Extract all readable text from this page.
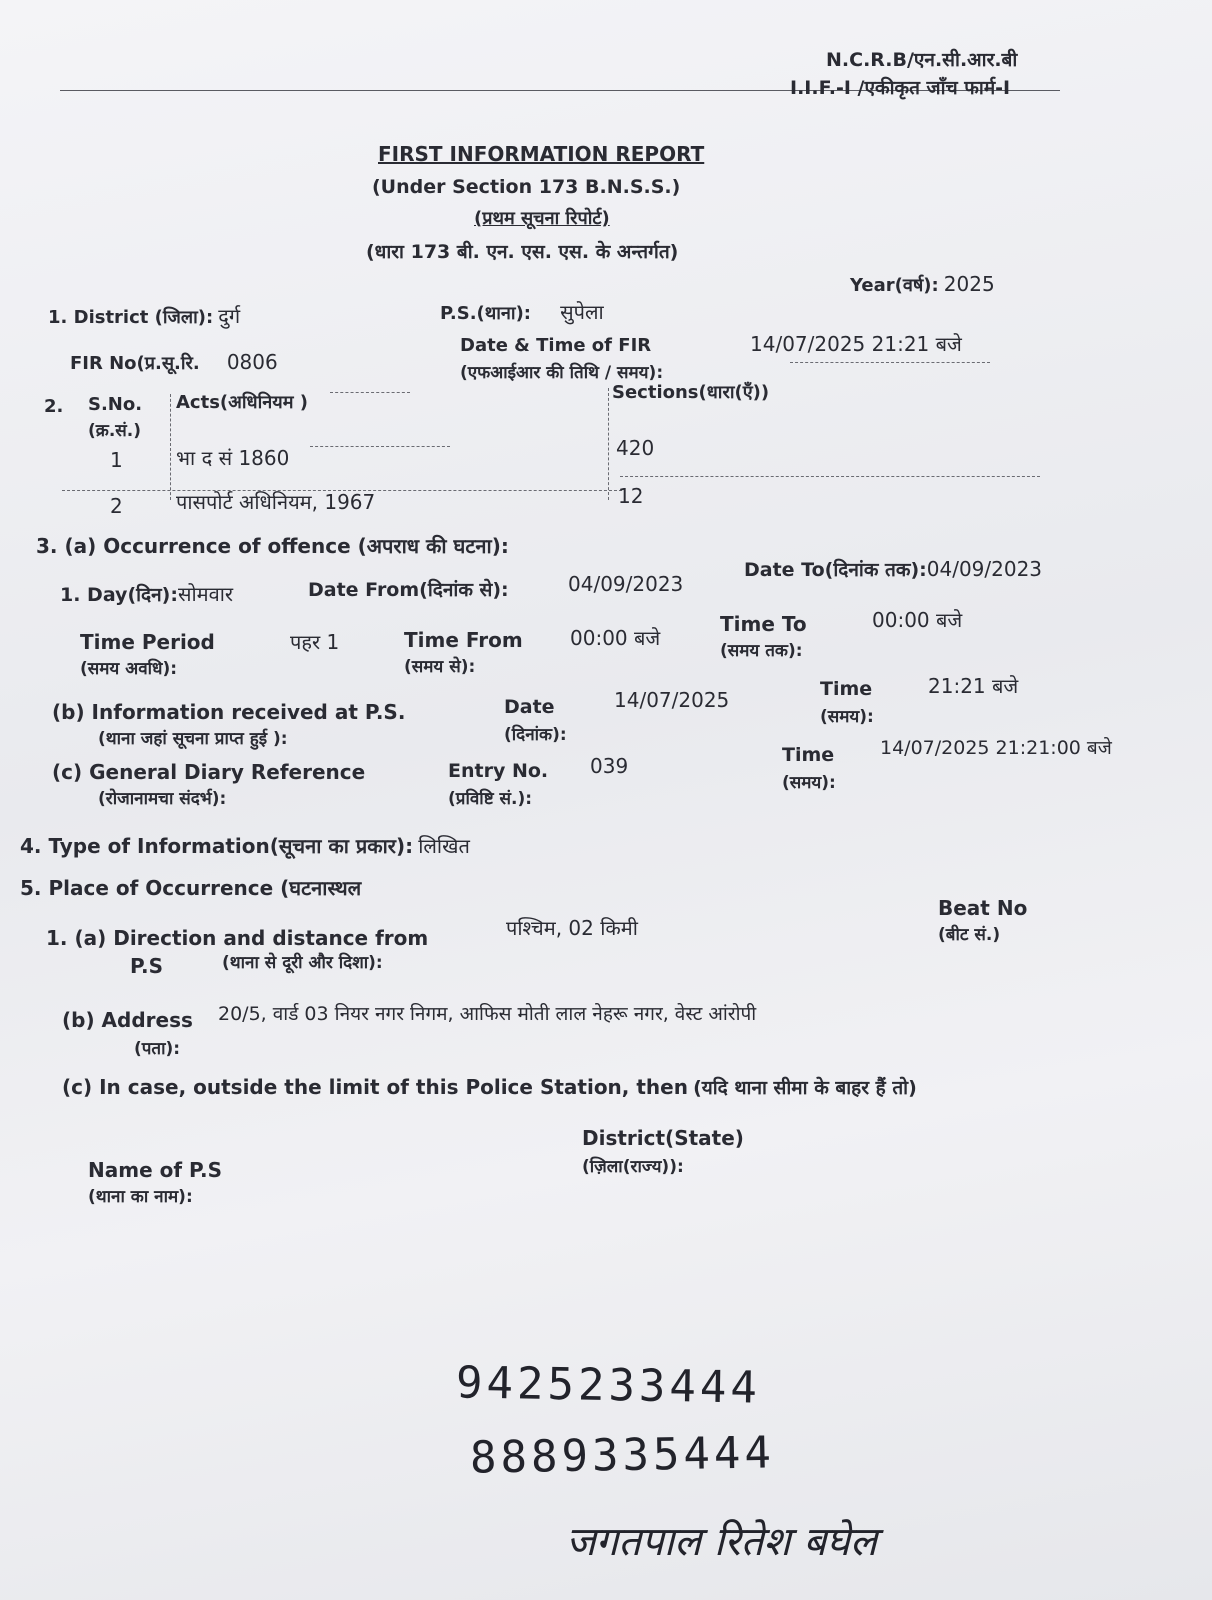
N.C.R.B/एन.सी.आर.बी
I.I.F.-I /एकीकृत जाँच फार्म-I
FIRST INFORMATION REPORT
(Under Section 173 B.N.S.S.)
(प्रथम सूचना रिपोर्ट)
(धारा 173 बी. एन. एस. एस. के अन्तर्गत)
Year(वर्ष): 2025
1. District (जिला): दुर्ग	P.S.(थाना): सुपेला
FIR No(प्र.सू.रि. 0806
Date & Time of FIR
(एफआईआर की तिथि / समय):
14/07/2025 21:21 बजे
2. S.No.
(क्र.सं.)
Acts(अधिनियम )	Sections(धारा(एँ))
1	भा द सं 1860	420
2	पासपोर्ट अधिनियम, 1967	12
3. (a) Occurrence of offence (अपराध की घटना):
1. Day(दिन):सोमवार	Date From(दिनांक से):	04/09/2023
Date To(दिनांक तक):04/09/2023
Time Period
(समय अवधि):
पहर 1	Time From
(समय से):
00:00 बजे
Time To
(समय तक):
00:00 बजे
(b) Information received at P.S.
(थाना जहां सूचना प्राप्त हुई ):
Date
(दिनांक):
14/07/2025	Time
(समय):
21:21 बजे
(c) General Diary Reference
(रोजानामचा संदर्भ):
Entry No.
(प्रविष्टि सं.):
039	Time
(समय):
14/07/2025 21:21:00 बजे
4. Type of Information(सूचना का प्रकार): लिखित
5. Place of Occurrence (घटनास्थल
1. (a) Direction and distance from	पश्चिम, 02 किमी
P.S	(थाना से दूरी और दिशा):
Beat No
(बीट सं.)
(b) Address 20/5, वार्ड 03 नियर नगर निगम, आफिस मोती लाल नेहरू नगर, वेस्ट आंरोपी
(पता):
(c) In case, outside the limit of this Police Station, then (यदि थाना सीमा के बाहर हैं तो)
Name of P.S
(थाना का नाम):
District(State)
(ज़िला(राज्य)):
9425233444
8889335444
जगतपाल रितेश बघेल
